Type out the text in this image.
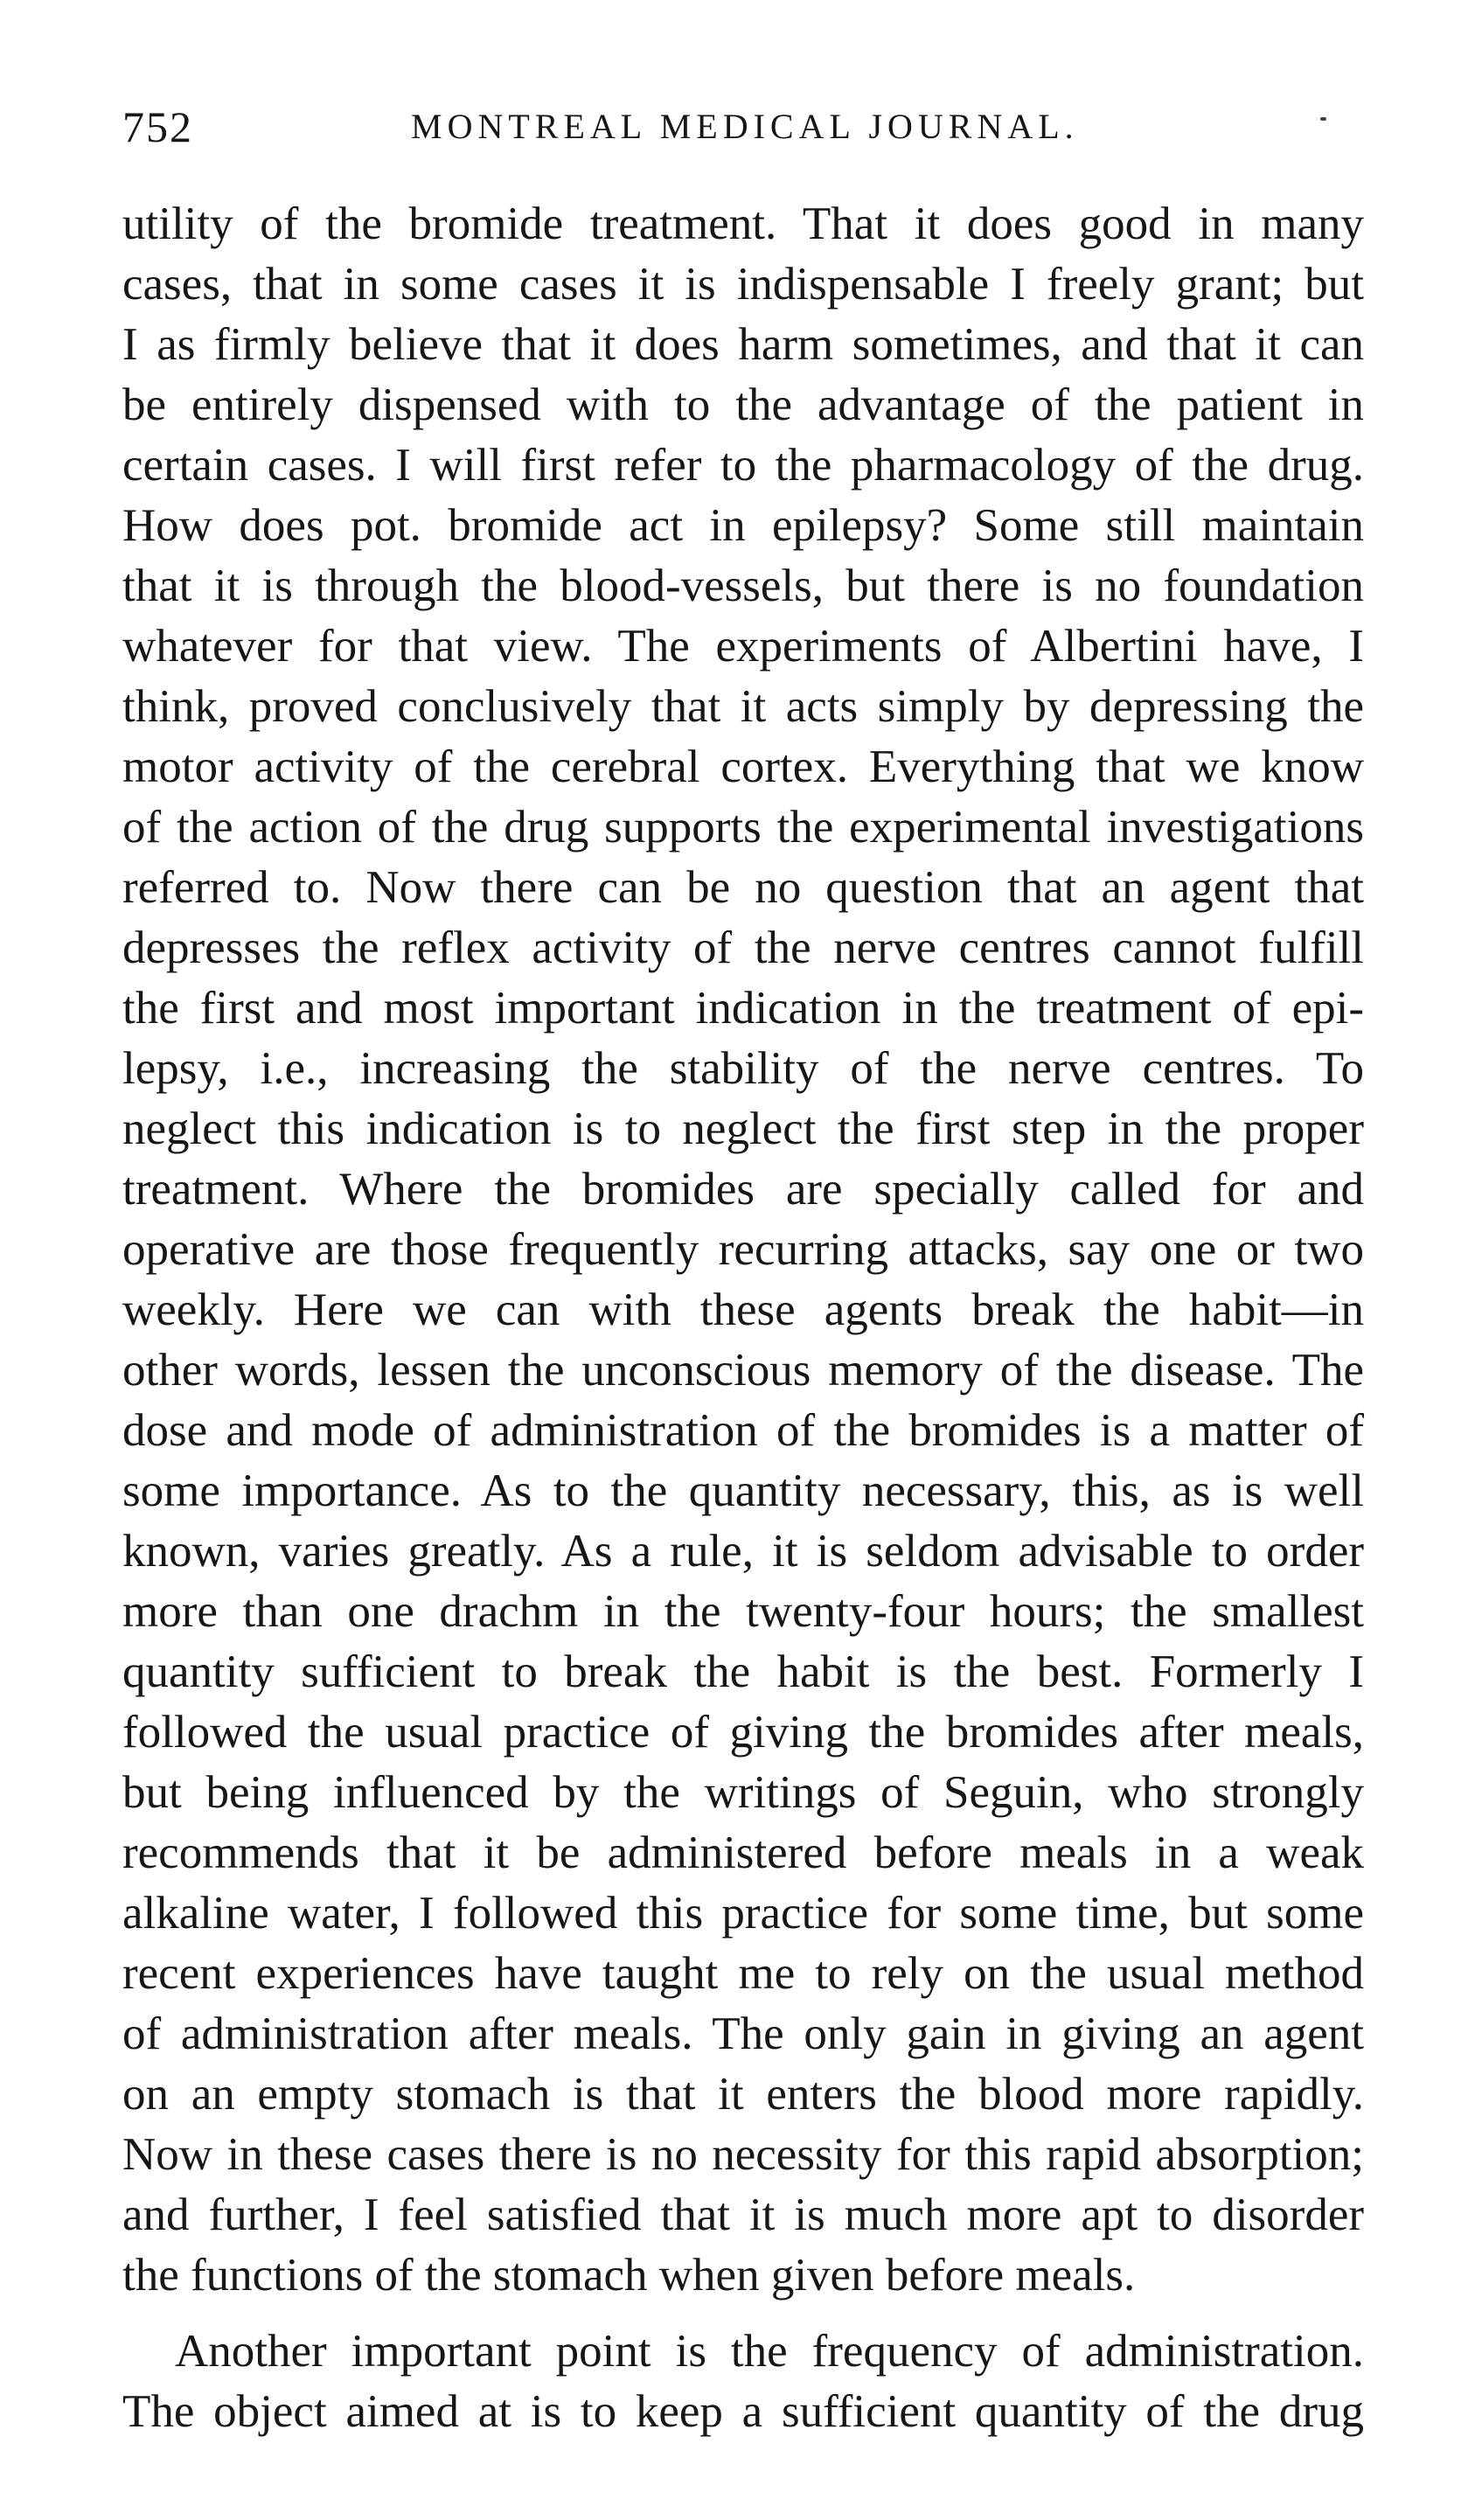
752	MONTREAL MEDICAL JOURNAL.
utility of the bromide treatment. That it does good in many
cases, that in some cases it is indispensable I freely grant; but
I as firmly believe that it does harm sometimes, and that it can
be entirely dispensed with to the advantage of the patient in
certain cases. I will first refer to the pharmacology of the drug.
How does pot. bromide act in epilepsy? Some still maintain
that it is through the blood-vessels, but there is no foundation
whatever for that view. The experiments of Albertini have, I
think, proved conclusively that it acts simply by depressing the
motor activity of the cerebral cortex. Everything that we know
of the action of the drug supports the experimental investigations
referred to. Now there can be no question that an agent that
depresses the reflex activity of the nerve centres cannot fulfill
the first and most important indication in the treatment of epi-
lepsy, i.e., increasing the stability of the nerve centres. To
neglect this indication is to neglect the first step in the proper
treatment. Where the bromides are specially called for and
operative are those frequently recurring attacks, say one or two
weekly. Here we can with these agents break the habit—in
other words, lessen the unconscious memory of the disease. The
dose and mode of administration of the bromides is a matter of
some importance. As to the quantity necessary, this, as is well
known, varies greatly. As a rule, it is seldom advisable to order
more than one drachm in the twenty-four hours; the smallest
quantity sufficient to break the habit is the best. Formerly I
followed the usual practice of giving the bromides after meals,
but being influenced by the writings of Seguin, who strongly
recommends that it be administered before meals in a weak
alkaline water, I followed this practice for some time, but some
recent experiences have taught me to rely on the usual method
of administration after meals. The only gain in giving an agent
on an empty stomach is that it enters the blood more rapidly.
Now in these cases there is no necessity for this rapid absorption;
and further, I feel satisfied that it is much more apt to disorder
the functions of the stomach when given before meals.
Another important point is the frequency of administration.
The object aimed at is to keep a sufficient quantity of the drug
